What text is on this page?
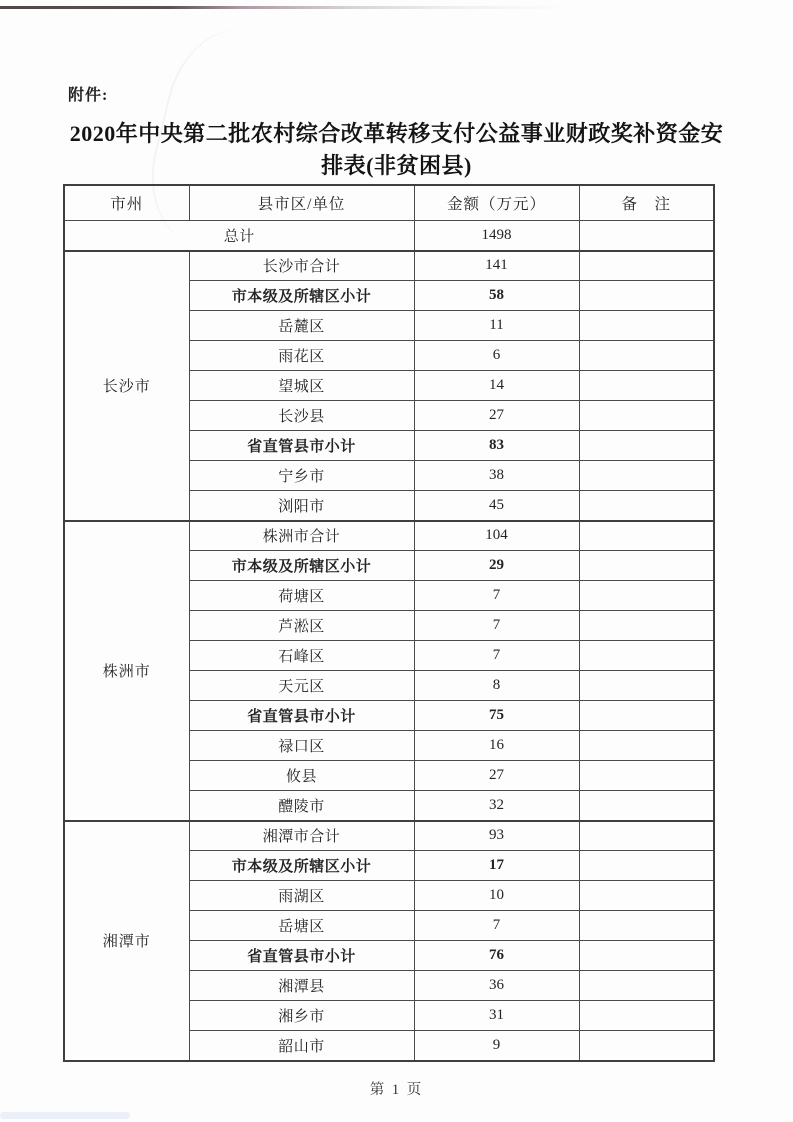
附件:
2020年中央第二批农村综合改革转移支付公益事业财政奖补资金安
排表(非贫困县)
市州	县市区/单位	金额（万元）	备　注
总计		1498	
长沙市	长沙市合计	141	
	市本级及所辖区小计	58	
	岳麓区	11	
	雨花区	6	
	望城区	14	
	长沙县	27	
	省直管县市小计	83	
	宁乡市	38	
	浏阳市	45	
株洲市	株洲市合计	104	
	市本级及所辖区小计	29	
	荷塘区	7	
	芦淞区	7	
	石峰区	7	
	天元区	8	
	省直管县市小计	75	
	禄口区	16	
	攸县	27	
	醴陵市	32	
湘潭市	湘潭市合计	93	
	市本级及所辖区小计	17	
	雨湖区	10	
	岳塘区	7	
	省直管县市小计	76	
	湘潭县	36	
	湘乡市	31	
	韶山市	9	
第 1 页
